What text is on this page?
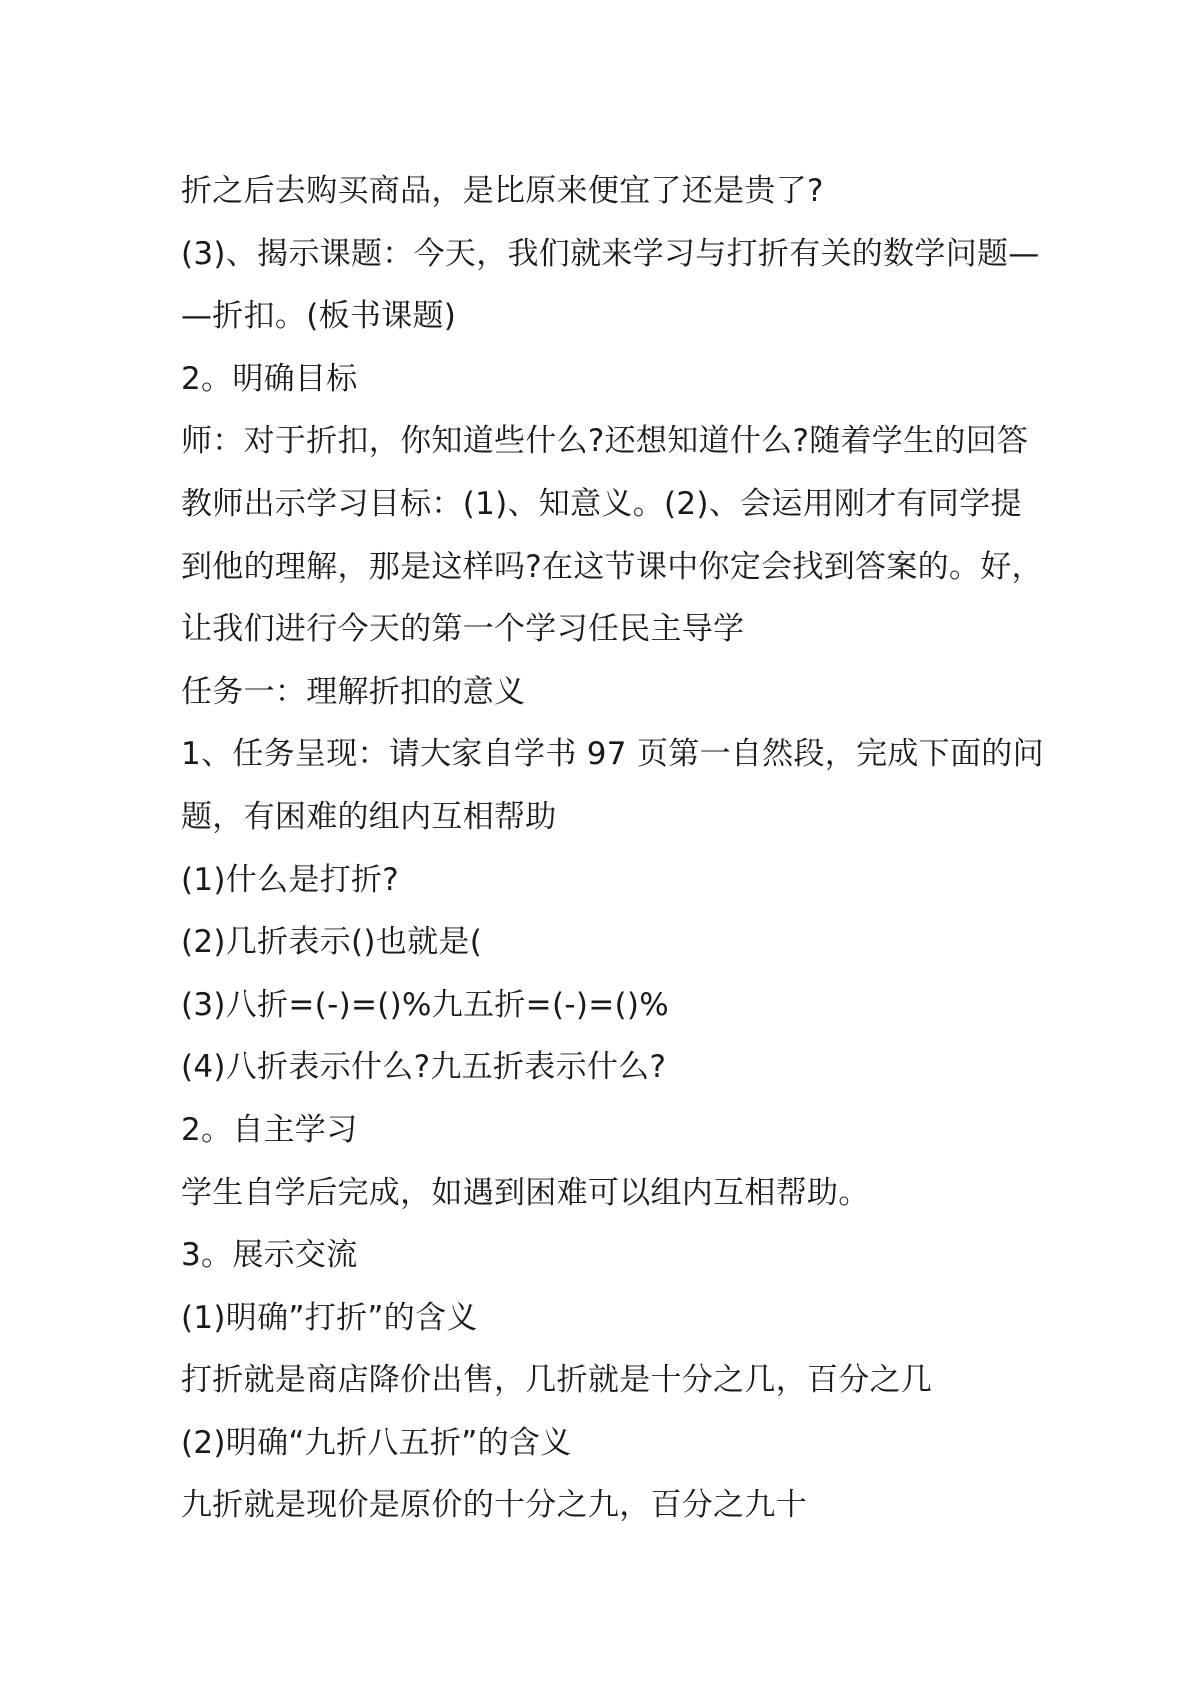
折之后去购买商品，是比原来便宜了还是贵了?
(3)、揭示课题：今天，我们就来学习与打折有关的数学问题—
—折扣。(板书课题)
2。明确目标
师：对于折扣，你知道些什么?还想知道什么?随着学生的回答
教师出示学习目标：(1)、知意义。(2)、会运用刚才有同学提
到他的理解，那是这样吗?在这节课中你定会找到答案的。好，
让我们进行今天的第一个学习任民主导学
任务一：理解折扣的意义
1、任务呈现：请大家自学书 97 页第一自然段，完成下面的问
题，有困难的组内互相帮助
(1)什么是打折?
(2)几折表示()也就是(
(3)八折=(-)=()%九五折=(-)=()%
(4)八折表示什么?九五折表示什么?
2。自主学习
学生自学后完成，如遇到困难可以组内互相帮助。
3。展示交流
(1)明确”打折”的含义
打折就是商店降价出售，几折就是十分之几，百分之几
(2)明确“九折八五折”的含义
九折就是现价是原价的十分之九，百分之九十
